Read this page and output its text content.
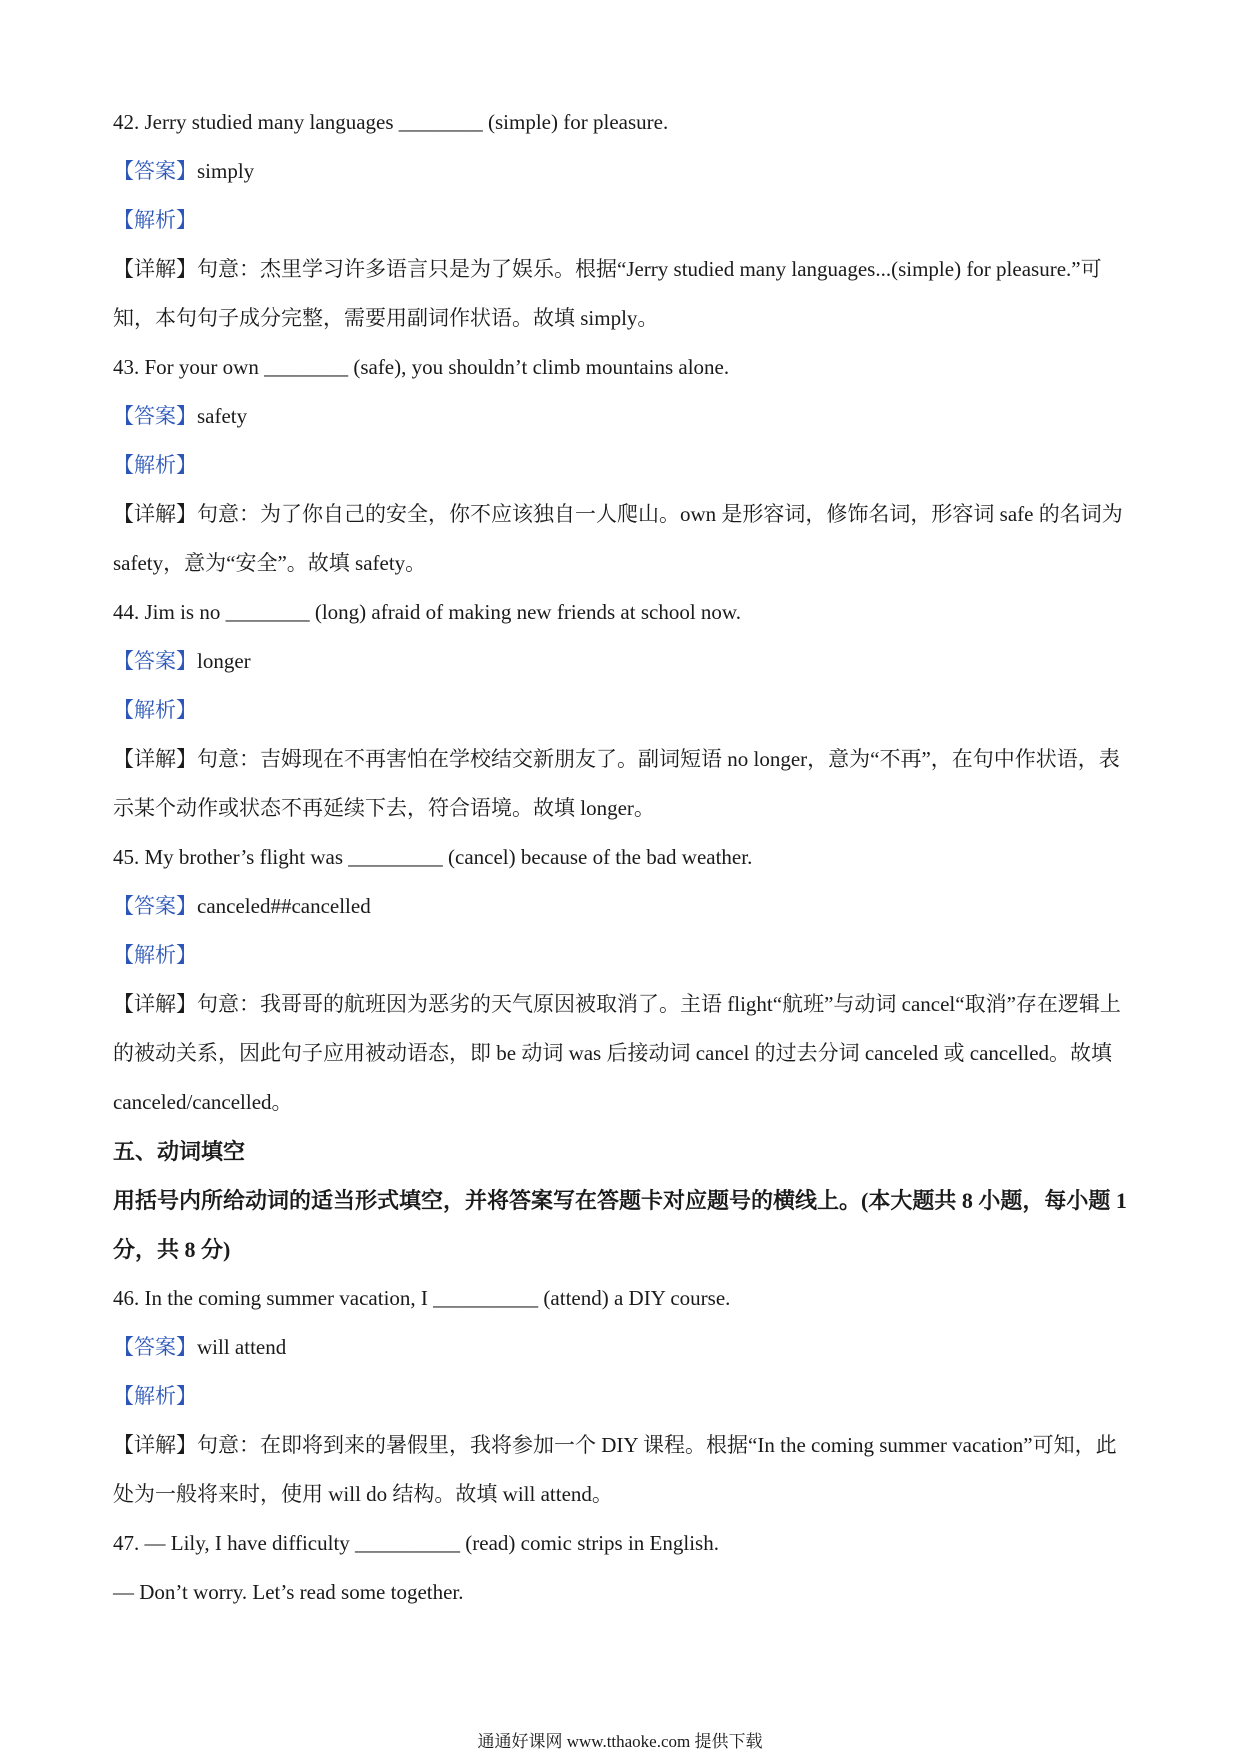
42. Jerry studied many languages ________ (simple) for pleasure.
【答案】simply
【解析】
【详解】句意：杰里学习许多语言只是为了娱乐。根据“Jerry studied many languages...(simple) for pleasure.”可知，本句句子成分完整，需要用副词作状语。故填 simply。
43. For your own ________ (safe), you shouldn’t climb mountains alone.
【答案】safety
【解析】
【详解】句意：为了你自己的安全，你不应该独自一人爬山。own 是形容词，修饰名词，形容词 safe 的名词为 safety，意为“安全”。故填 safety。
44. Jim is no ________ (long) afraid of making new friends at school now.
【答案】longer
【解析】
【详解】句意：吉姆现在不再害怕在学校结交新朋友了。副词短语 no longer，意为“不再”，在句中作状语，表示某个动作或状态不再延续下去，符合语境。故填 longer。
45. My brother’s flight was _________ (cancel) because of the bad weather.
【答案】canceled##cancelled
【解析】
【详解】句意：我哥哥的航班因为恶劣的天气原因被取消了。主语 flight“航班”与动词 cancel“取消”存在逻辑上的被动关系，因此句子应用被动语态，即 be 动词 was 后接动词 cancel 的过去分词 canceled 或 cancelled。故填 canceled/cancelled。
五、动词填空
用括号内所给动词的适当形式填空，并将答案写在答题卡对应题号的横线上。(本大题共 8 小题，每小题 1 分，共 8 分)
46. In the coming summer vacation, I __________ (attend) a DIY course.
【答案】will attend
【解析】
【详解】句意：在即将到来的暑假里，我将参加一个 DIY 课程。根据“In the coming summer vacation”可知，此处为一般将来时，使用 will do 结构。故填 will attend。
47. — Lily, I have difficulty __________ (read) comic strips in English.
— Don’t worry. Let’s read some together.
通通好课网 www.tthaoke.com 提供下载
